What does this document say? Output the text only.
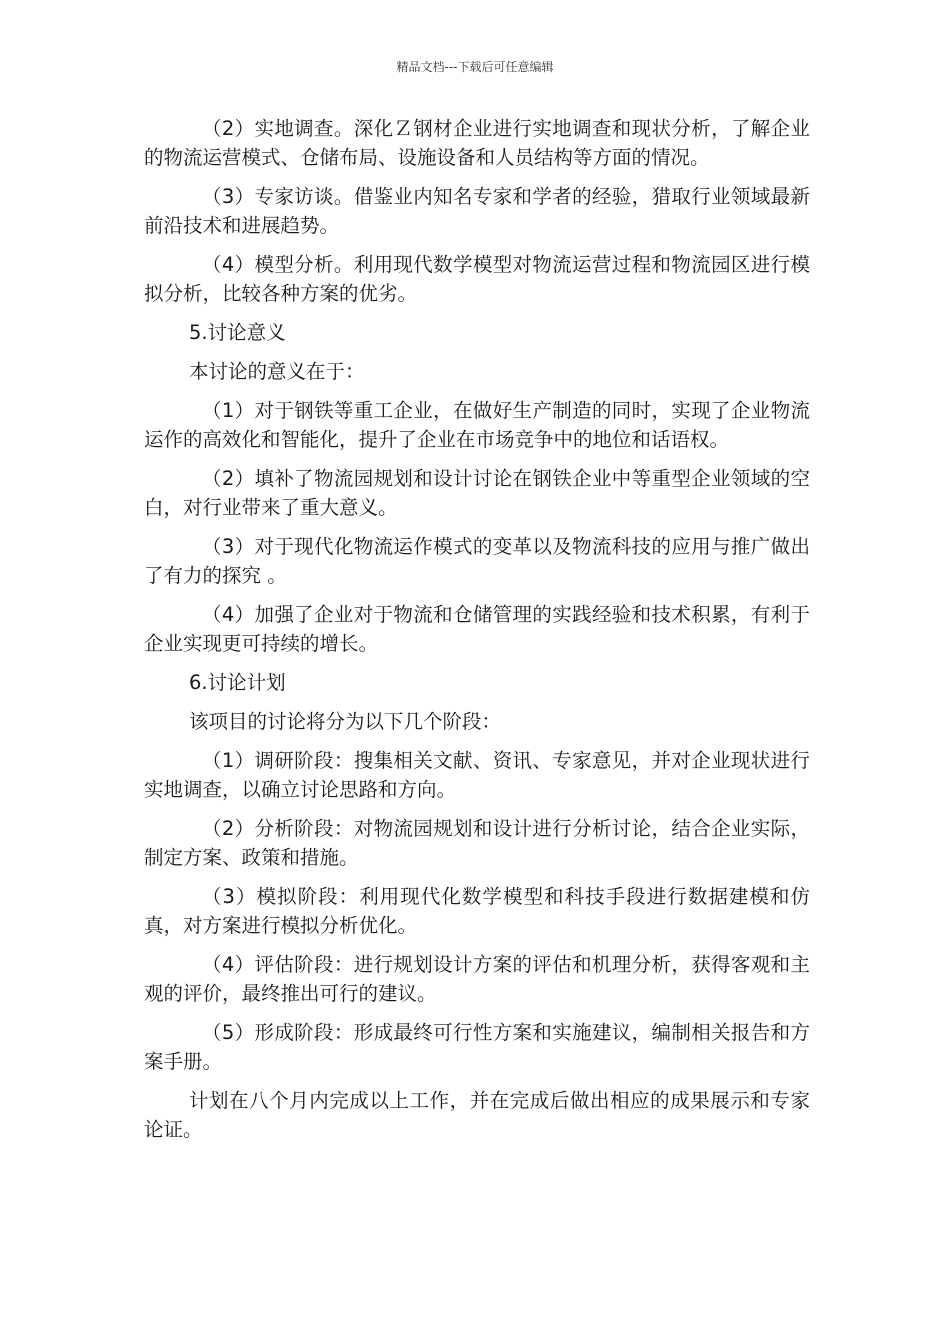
精品文档---下载后可任意编辑

（2）实地调查。深化Ｚ钢材企业进行实地调查和现状分析，了解企业的物流运营模式、仓储布局、设施设备和人员结构等方面的情况。

（3）专家访谈。借鉴业内知名专家和学者的经验，猎取行业领域最新前沿技术和进展趋势。

（4）模型分析。利用现代数学模型对物流运营过程和物流园区进行模拟分析，比较各种方案的优劣。

5.讨论意义

本讨论的意义在于：

（1）对于钢铁等重工企业，在做好生产制造的同时，实现了企业物流运作的高效化和智能化，提升了企业在市场竞争中的地位和话语权。

（2）填补了物流园规划和设计讨论在钢铁企业中等重型企业领域的空白，对行业带来了重大意义。

（3）对于现代化物流运作模式的变革以及物流科技的应用与推广做出了有力的探究 。

（4）加强了企业对于物流和仓储管理的实践经验和技术积累，有利于企业实现更可持续的增长。

6.讨论计划

该项目的讨论将分为以下几个阶段：

（1）调研阶段：搜集相关文献、资讯、专家意见，并对企业现状进行实地调查，以确立讨论思路和方向。

（2）分析阶段：对物流园规划和设计进行分析讨论，结合企业实际，制定方案、政策和措施。

（3）模拟阶段：利用现代化数学模型和科技手段进行数据建模和仿真，对方案进行模拟分析优化。

（4）评估阶段：进行规划设计方案的评估和机理分析，获得客观和主观的评价，最终推出可行的建议。

（5）形成阶段：形成最终可行性方案和实施建议，编制相关报告和方案手册。

计划在八个月内完成以上工作，并在完成后做出相应的成果展示和专家论证。
